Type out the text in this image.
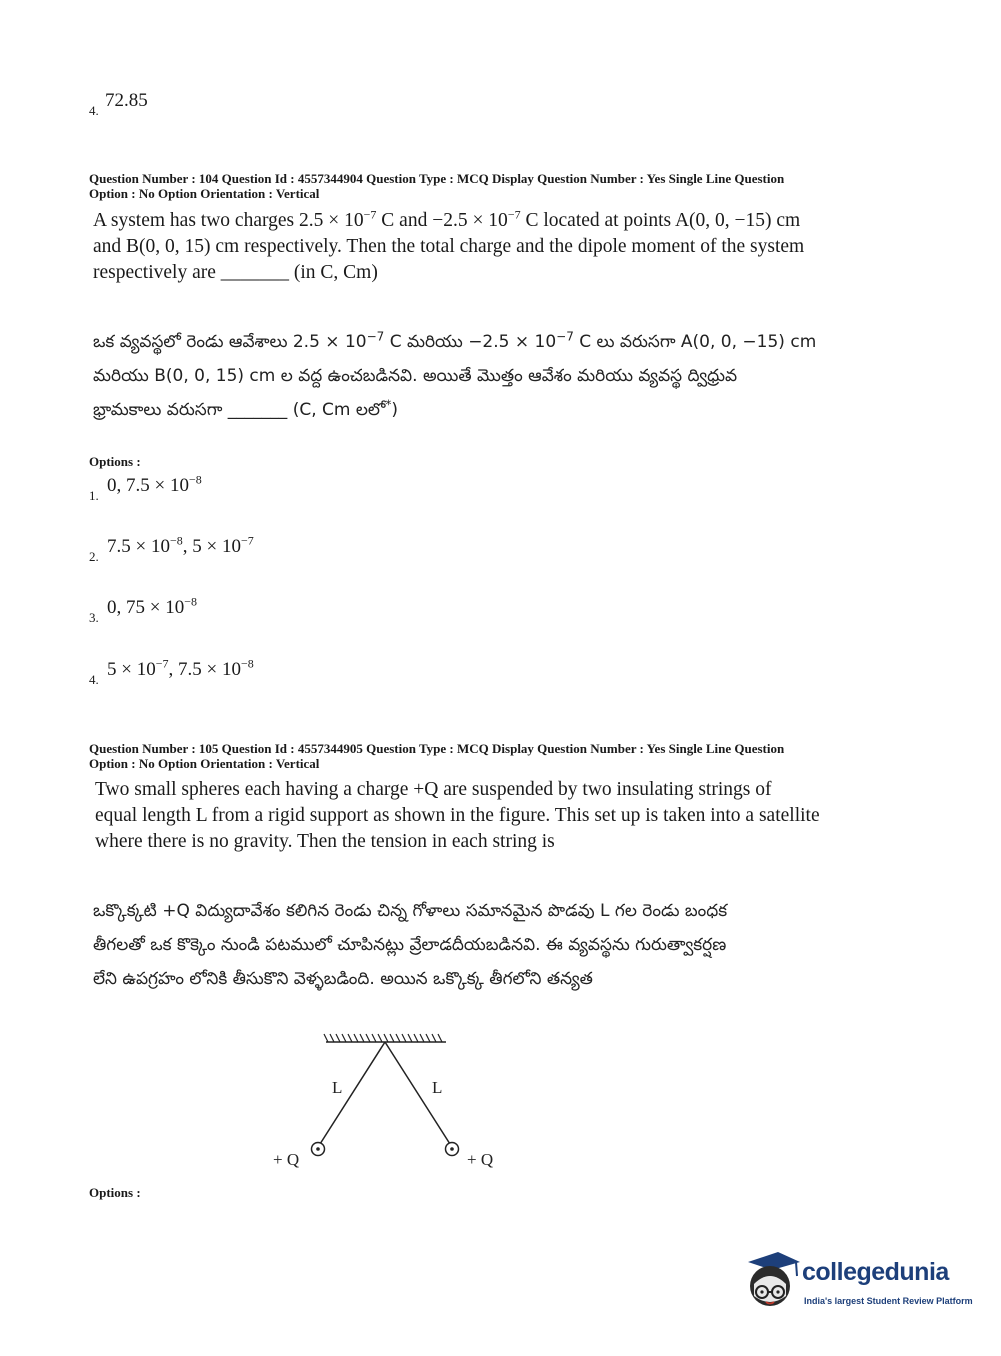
4. 72.85
Question Number : 104 Question Id : 4557344904 Question Type : MCQ Display Question Number : Yes Single Line Question
Option : No Option Orientation : Vertical
A system has two charges $2.5 \times 10^{-7}$ C and $-2.5 \times 10^{-7}$ C located at points A(0, 0, −15) cm
and B(0, 0, 15) cm respectively. Then the total charge and the dipole moment of the system
respectively are _______ (in C, Cm)
ఒక వ్యవస్థలో రెండు ఆవేశాలు $2.5 \times 10^{-7}$ C మరియు $-2.5 \times 10^{-7}$ C లు వరుసగా A(0, 0, −15) cm
మరియు B(0, 0, 15) cm ల వద్ద ఉంచబడినవి. అయితే మొత్తం ఆవేశం మరియు వ్యవస్థ ద్విధ్రువ
భ్రామకాలు వరుసగా _______ (C, Cm లలో*)
Options :
1. 0, $7.5 \times 10^{-8}$
2. $7.5 \times 10^{-8}$, $5 \times 10^{-7}$
3. 0, $75 \times 10^{-8}$
4. $5 \times 10^{-7}$, $7.5 \times 10^{-8}$
Question Number : 105 Question Id : 4557344905 Question Type : MCQ Display Question Number : Yes Single Line Question
Option : No Option Orientation : Vertical
Two small spheres each having a charge +Q are suspended by two insulating strings of
equal length L from a rigid support as shown in the figure. This set up is taken into a satellite
where there is no gravity. Then the tension in each string is
ఒక్కొక్కటి +Q విద్యుదావేశం కలిగిన రెండు చిన్న గోళాలు సమానమైన పొడవు L గల రెండు బంధక
తీగలతో ఒక కొక్కెం నుండి పటములో చూపినట్లు వ్రేలాడదీయబడినవి. ఈ వ్యవస్థను గురుత్వాకర్షణ
లేని ఉపగ్రహం లోనికి తీసుకొని వెళ్ళబడింది. అయిన ఒక్కొక్క తీగలోని తన్యత
L	L
+ Q	+ Q
Options :
collegedunia
India's largest Student Review Platform
